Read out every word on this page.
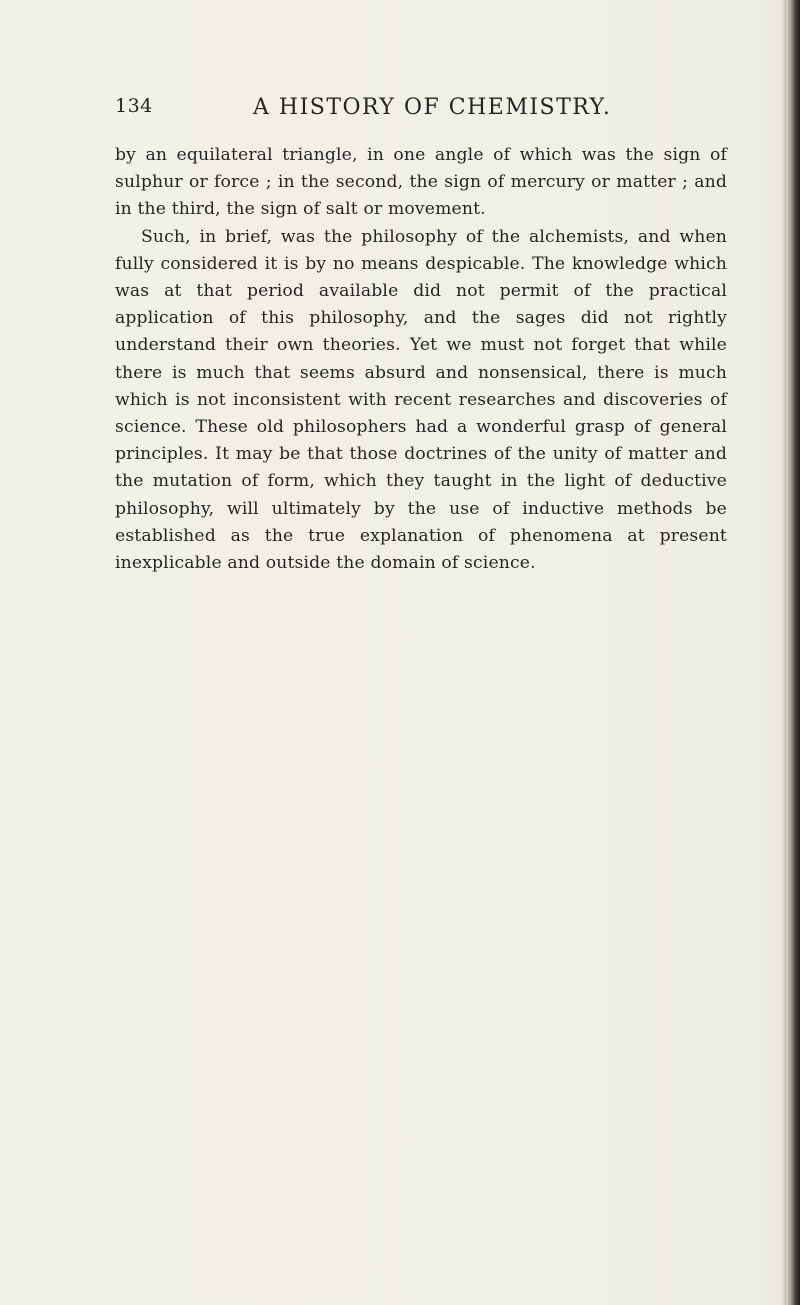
134	A HISTORY OF CHEMISTRY.

by an equilateral triangle, in one angle of which was the sign of sulphur or force ; in the second, the sign of mercury or matter ; and in the third, the sign of salt or movement.

Such, in brief, was the philosophy of the alchemists, and when fully considered it is by no means despicable. The knowledge which was at that period available did not permit of the practical application of this philosophy, and the sages did not rightly understand their own theories. Yet we must not forget that while there is much that seems absurd and nonsensical, there is much which is not inconsistent with recent researches and discoveries of science. These old philosophers had a wonderful grasp of general principles. It may be that those doctrines of the unity of matter and the mutation of form, which they taught in the light of deductive philosophy, will ultimately by the use of inductive methods be established as the true explanation of phenomena at present inexplicable and outside the domain of science.
